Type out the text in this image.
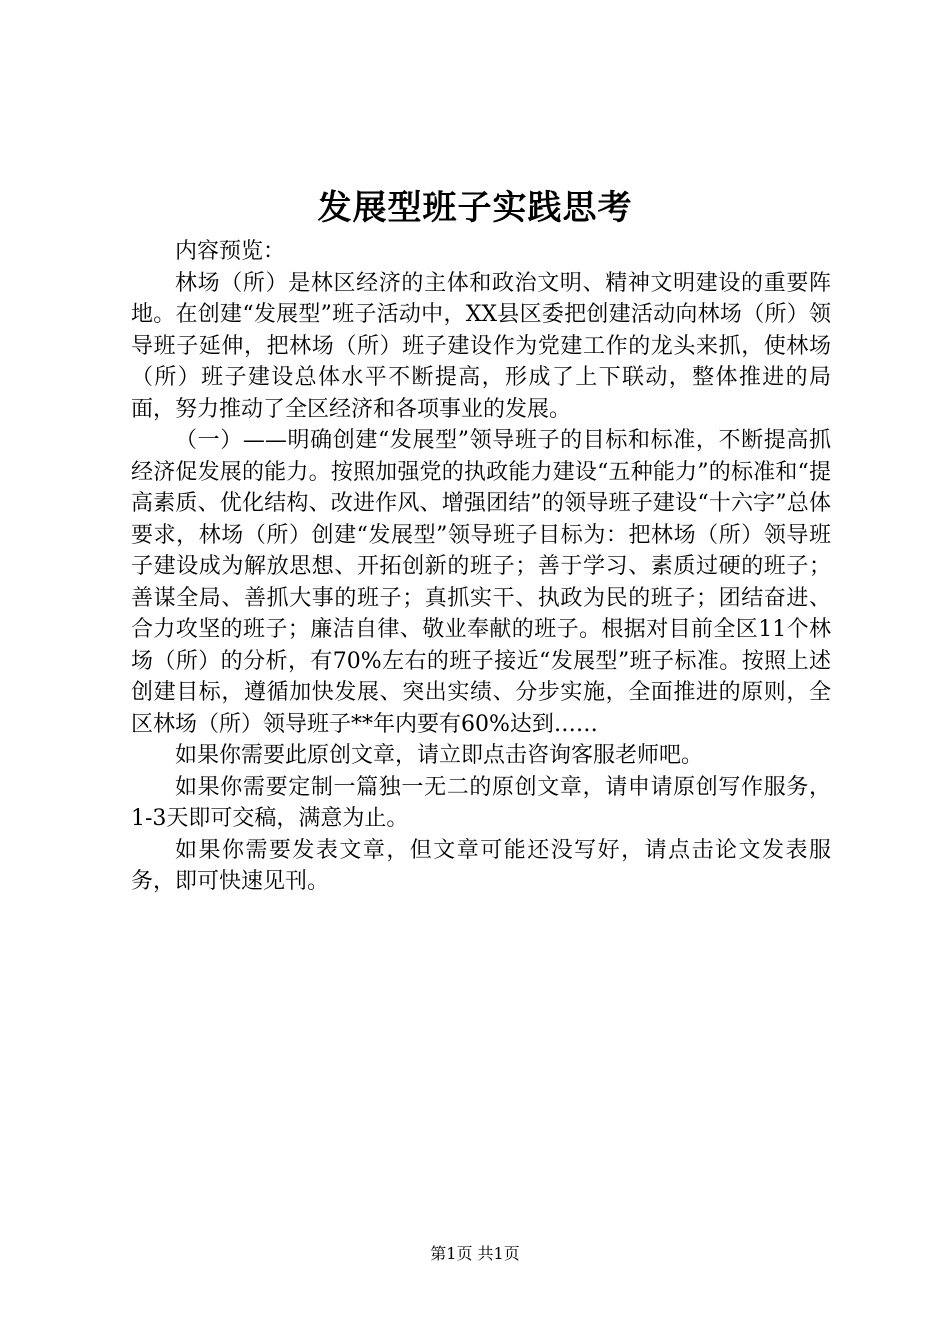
发展型班子实践思考

内容预览：

林场（所）是林区经济的主体和政治文明、精神文明建设的重要阵地。在创建“发展型”班子活动中，XX县区委把创建活动向林场（所）领导班子延伸，把林场（所）班子建设作为党建工作的龙头来抓，使林场（所）班子建设总体水平不断提高，形成了上下联动，整体推进的局面，努力推动了全区经济和各项事业的发展。

（一）——明确创建“发展型”领导班子的目标和标准，不断提高抓经济促发展的能力。按照加强党的执政能力建设“五种能力”的标准和“提高素质、优化结构、改进作风、增强团结”的领导班子建设“十六字”总体要求，林场（所）创建“发展型”领导班子目标为：把林场（所）领导班子建设成为解放思想、开拓创新的班子；善于学习、素质过硬的班子；善谋全局、善抓大事的班子；真抓实干、执政为民的班子；团结奋进、合力攻坚的班子；廉洁自律、敬业奉献的班子。根据对目前全区11个林场（所）的分析，有70%左右的班子接近“发展型”班子标准。按照上述创建目标，遵循加快发展、突出实绩、分步实施，全面推进的原则，全区林场（所）领导班子**年内要有60%达到……

如果你需要此原创文章，请立即点击咨询客服老师吧。

如果你需要定制一篇独一无二的原创文章，请申请原创写作服务，1-3天即可交稿，满意为止。

如果你需要发表文章，但文章可能还没写好，请点击论文发表服务，即可快速见刊。

第1页 共1页
